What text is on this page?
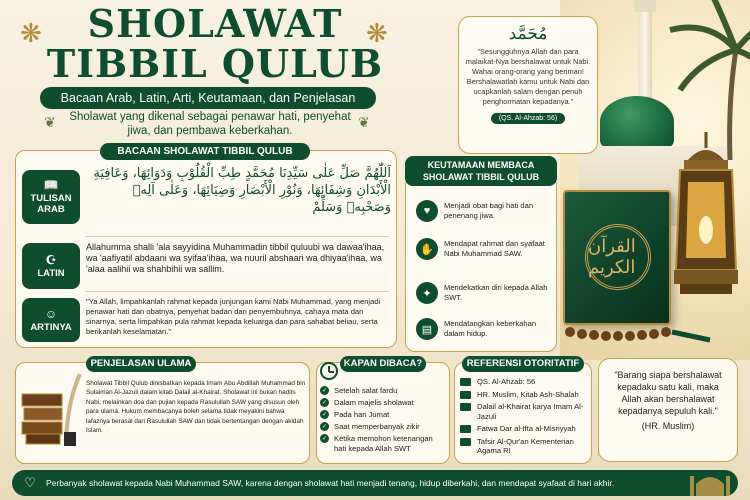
القرآن الكريم
❋	❋
SHOLAWAT
TIBBIL QULUB
Bacaan Arab, Latin, Arti, Keutamaan, dan Penjelasan
Sholawat yang dikenal sebagai penawar hati, penyehat jiwa, dan pembawa keberkahan.
❦	❦
مُحَمَّد
"Sesungguhnya Allah dan para malaikat-Nya bershalawat untuk Nabi. Wahai orang-orang yang beriman! Bershalawatlah kamu untuk Nabi dan ucapkanlah salam dengan penuh penghormatan kepadanya."
(QS. Al-Ahzab: 56)
BACAAN SHOLAWAT TIBBIL QULUB
📖
TULISAN ARAB
اَللّٰهُمَّ صَلِّ عَلٰى سَيِّدِنَا مُحَمَّدٍ طِبِّ الْقُلُوْبِ وَدَوَائِهَا، وَعَافِيَةِ الْأَبْدَانِ وَشِفَائِهَا، وَنُوْرِ الْأَبْصَارِ وَضِيَائِهَا، وَعَلٰى آلِهٖ وَصَحْبِهٖ وَسَلِّمْ
☪
LATIN
Allahumma shalli 'ala sayyidina Muhammadin tibbil quluubi wa dawaa'ihaa, wa 'aafiyatil abdaani wa syifaa'ihaa, wa nuuril abshaari wa dhiyaa'ihaa, wa 'alaa aalihii wa shahbihii wa sallim.
☺
ARTINYA
"Ya Allah, limpahkanlah rahmat kepada junjungan kami Nabi Muhammad, yang menjadi penawar hati dan obatnya, penyehat badan dan penyembuhnya, cahaya mata dan sinarnya, serta limpahkan pula rahmat kepada keluarga dan para sahabat beliau, serta berikanlah keselamatan."
KEUTAMAAN MEMBACA SHOLAWAT TIBBIL QULUB
♥	Menjadi obat bagi hati dan penenang jiwa.
✋	Mendapat rahmat dan syafaat Nabi Muhammad SAW.
✦	Mendekatkan diri kepada Allah SWT.
▤	Mendatangkan keberkahan dalam hidup.
PENJELASAN ULAMA
Sholawat Tibbil Qulub dinisbatkan kepada Imam Abu Abdillah Muhammad bin Sulaiman Al-Jazuli dalam kitab Dalail al-Khairat. Sholawat ini bukan hadits Nabi, melainkan doa dan pujian kepada Rasulullah SAW yang disusun oleh para ulama. Hukum membacanya boleh selama tidak meyakini bahwa lafaznya berasal dari Rasulullah SAW dan tidak bertentangan dengan akidah Islam.
KAPAN DIBACA?
✓ Setelah salat fardu
✓ Dalam majelis sholawat
✓ Pada hari Jumat
✓ Saat memperbanyak zikir
✓ Ketika memohon ketenangan hati kepada Allah SWT
REFERENSI OTORITATIF
QS. Al-Ahzab: 56
HR. Muslim, Kitab Ash-Shalah
Dalail al-Khairat karya Imam Al-Jazuli
Fatwa Dar al-Ifta al-Misriyyah
Tafsir Al-Qur'an Kementerian Agama RI
"Barang siapa bershalawat kepadaku satu kali, maka Allah akan bershalawat kepadanya sepuluh kali."
(HR. Muslim)
Perbanyak sholawat kepada Nabi Muhammad SAW, karena dengan sholawat hati menjadi tenang, hidup diberkahi, dan mendapat syafaat di hari akhir.
♡
